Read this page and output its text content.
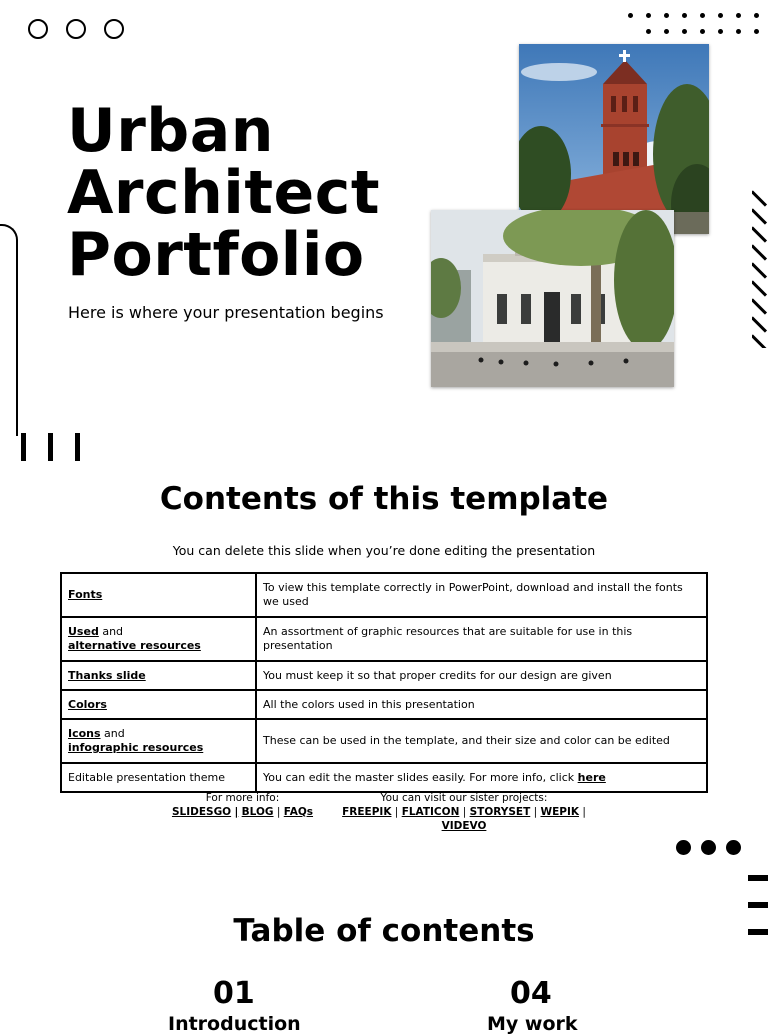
Urban
Architect
Portfolio
Here is where your presentation begins
Contents of this template
You can delete this slide when you’re done editing the presentation
Fonts	To view this template correctly in PowerPoint, download and install the fonts we used
Used and
alternative resources	An assortment of graphic resources that are suitable for use in this presentation
Thanks slide	You must keep it so that proper credits for our design are given
Colors	All the colors used in this presentation
Icons and
infographic resources	These can be used in the template, and their size and color can be edited
Editable presentation theme	You can edit the master slides easily. For more info, click here
For more info:
SLIDESGO | BLOG | FAQs
You can visit our sister projects:
FREEPIK | FLATICON | STORYSET | WEPIK |
VIDEVO
Table of contents
01
Introduction
04
My work
